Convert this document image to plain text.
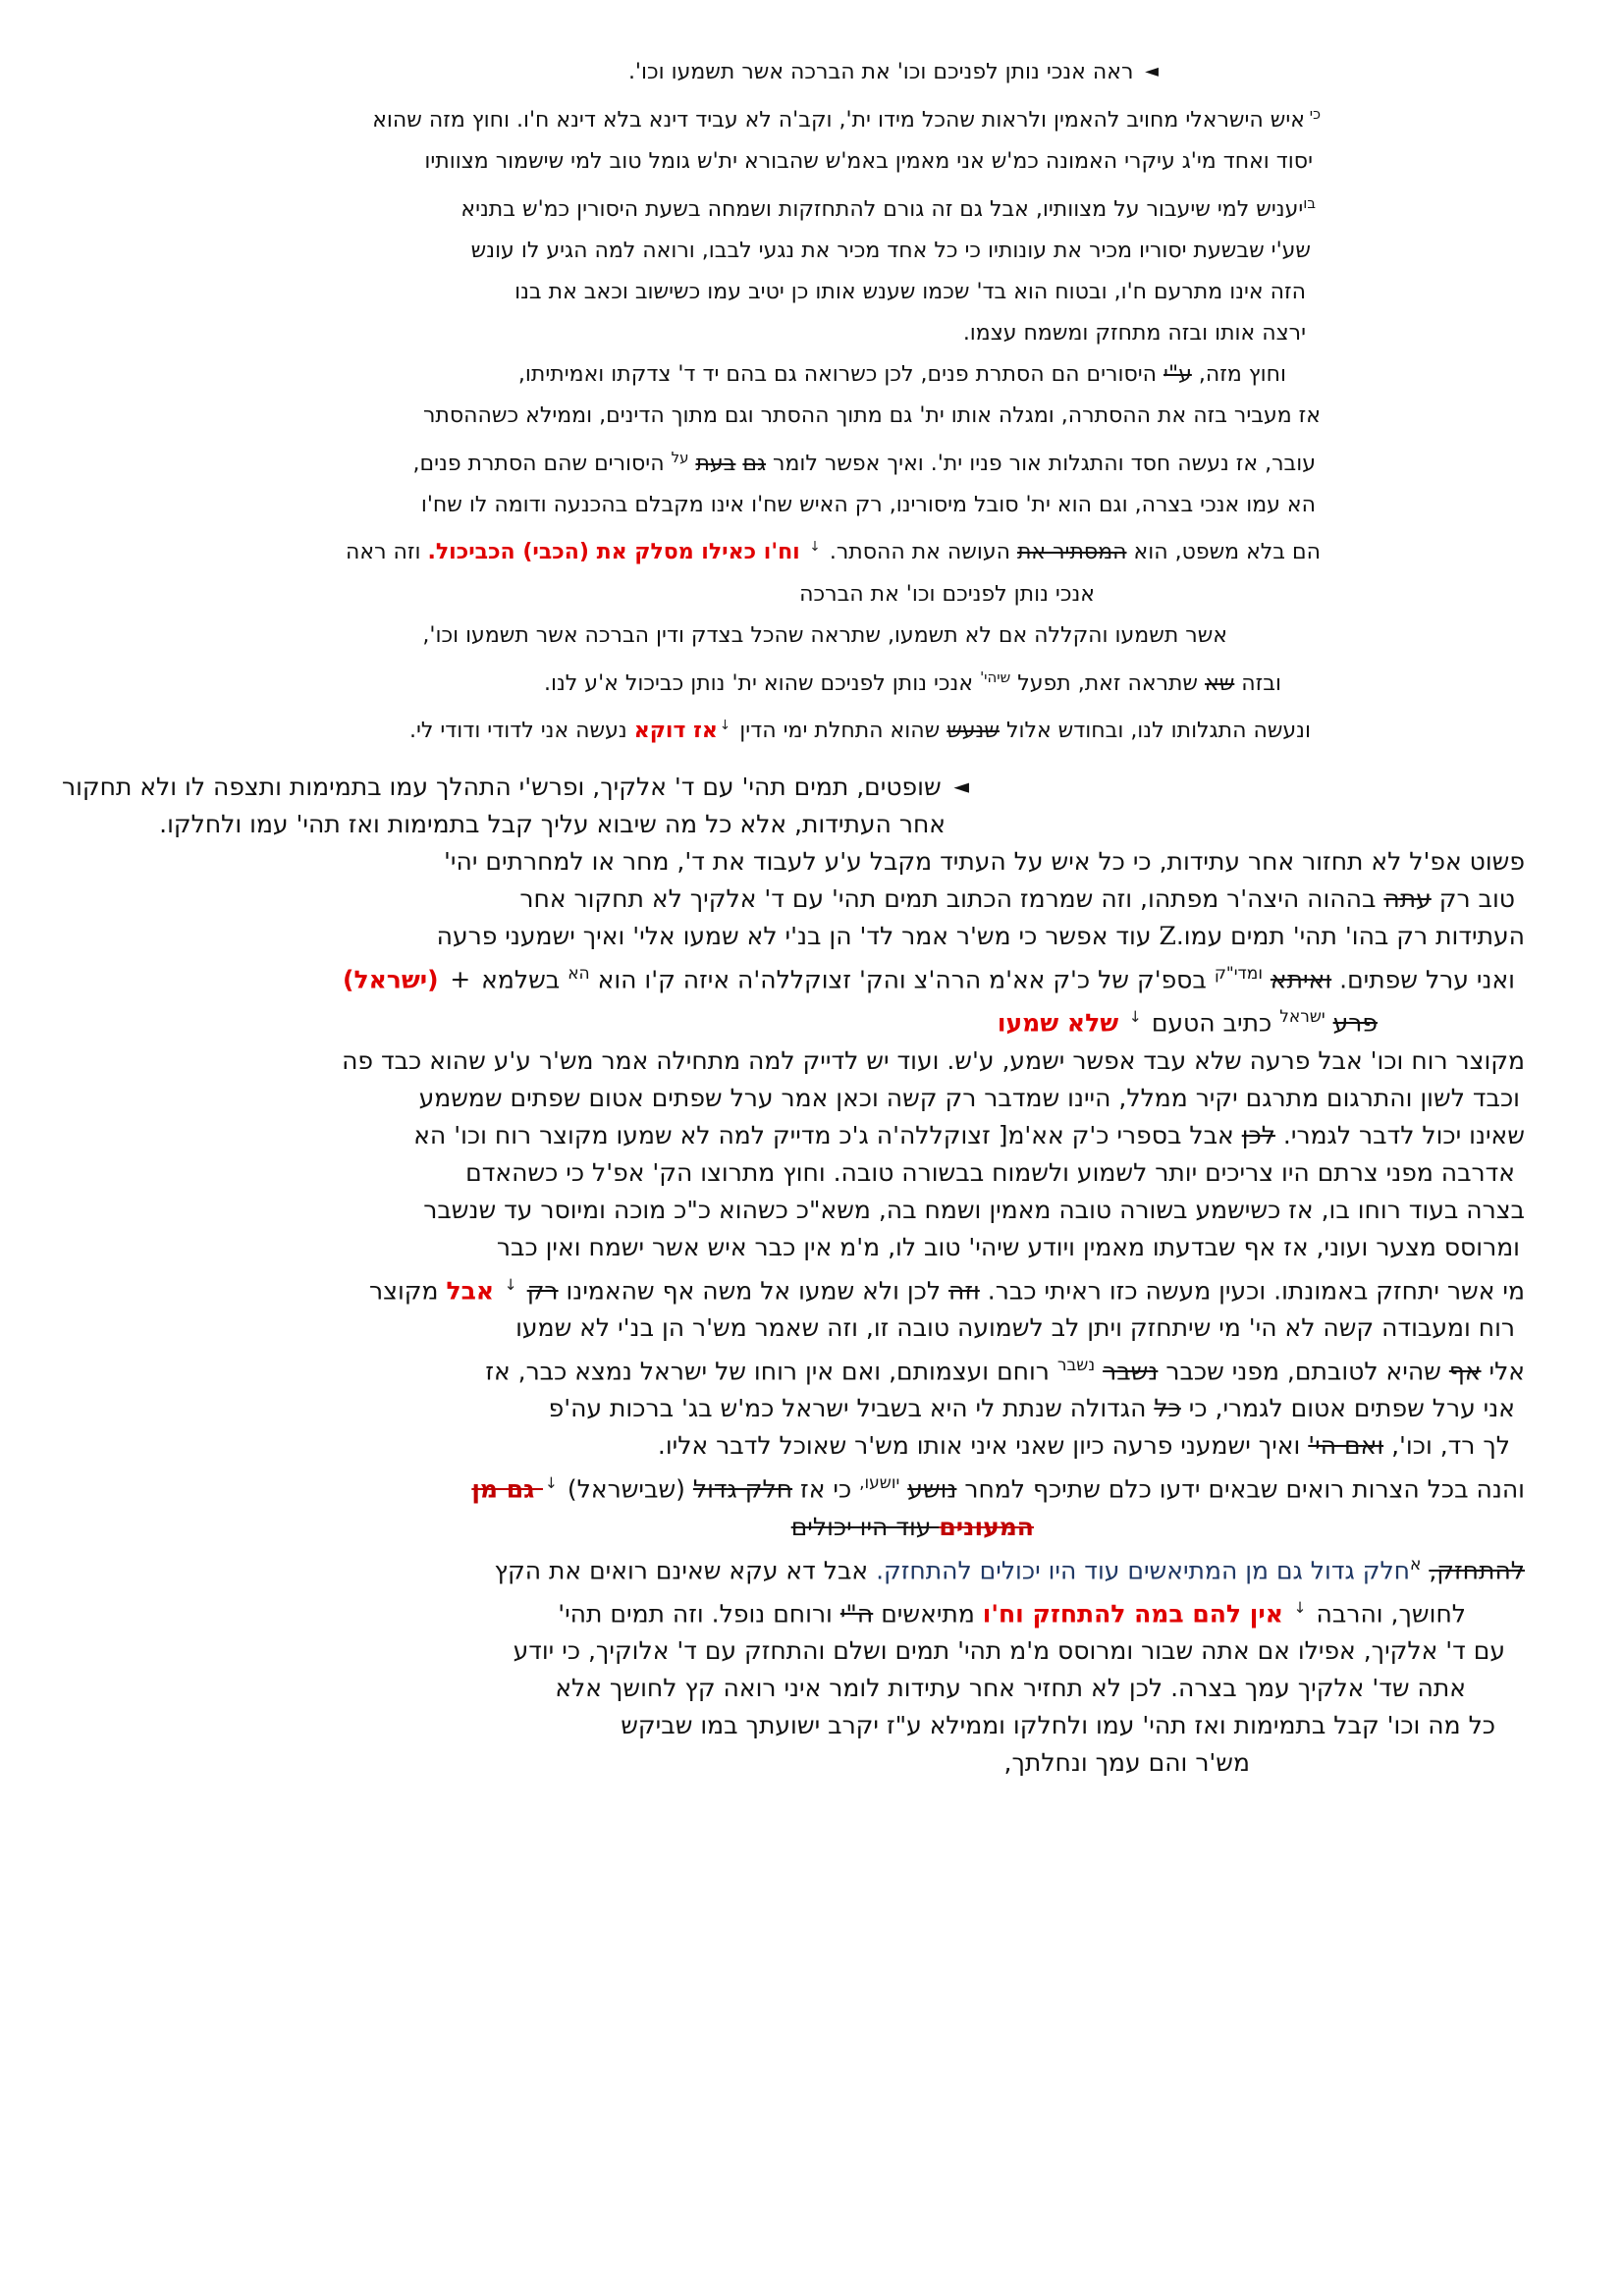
◄ ראה אנכי נותן לפניכם וכו' את הברכה אשר תשמעו וכו'.
$^{כי}$ איש הישראלי מחויב להאמין ולראות שהכל מידו ית', וקב'ה לא עביד דינא בלא דינא ח'ו. וחוץ מזה שהוא
יסוד ואחד מי'ג עיקרי האמונה כמ'ש אני מאמין באמ'ש שהבורא ית'ש גומל טוב למי שישמור מצוותיו
$^{בו}$יעניש למי שיעבור על מצוותיו, אבל גם זה גורם להתחזקות ושמחה בשעת היסורין כמ'ש בתניא
שע'י שבשעת יסוריו מכיר את עונותיו כי כל אחד מכיר את נגעי לבבו, ורואה למה הגיע לו עונש
הזה אינו מתרעם ח'ו, ובטוח הוא בד' שכמו שענש אותו כן יטיב עמו כשישוב וכאב את בנו
ירצה אותו ובזה מתחזק ומשמח עצמו.
וחוץ מזה, ע"י היסורים הם הסתרת פנים, לכן כשרואה גם בהם יד ד' צדקתו ואמיתיתו,
אז מעביר בזה את ההסתרה, ומגלה אותו ית' גם מתוך ההסתר וגם מתוך הדינים, וממילא כשההסתר
עובר, אז נעשה חסד והתגלות אור פניו ית'. ואיך אפשר לומר גם בעת $^{על}$ היסורים שהם הסתרת פנים,
הא עמו אנכי בצרה, וגם הוא ית' סובל מיסורינו, רק האיש שח'ו אינו מקבלם בהכנעה ודומה לו שח'ו
הם בלא משפט, הוא המסתיר את העושה את ההסתר. ↓ וח'ו כאילו מסלק את (הכבי) הכביכול. וזה ראה
אנכי נותן לפניכם וכו' את הברכה
אשר תשמעו והקללה אם לא תשמעו, שתראה שהכל בצדק ודין הברכה אשר תשמעו וכו',
ובזה שא שתראה זאת, תפעל $^{שיהי'}$ אנכי נותן לפניכם שהוא ית' נותן כביכול א'ע לנו.
ונעשה התגלותו לנו, ובחודש אלול שנעש שהוא התחלת ימי הדין ↓אז דוקא נעשה אני לדודי ודודי לי.
◄ שופטים, תמים תהי' עם ד' אלקיך, ופרש'י התהלך עמו בתמימות ותצפה לו ולא תחקור
אחר העתידות, אלא כל מה שיבוא עליך קבל בתמימות ואז תהי' עמו ולחלקו.
פשוט אפ'ל לא תחזור אחר עתידות, כי כל איש על העתיד מקבל ע'ע לעבוד את ד', מחר או למחרתים יהי'
טוב רק עתה בההוה היצה'ר מפתהו, וזה שמרמז הכתוב תמים תהי' עם ד' אלקיך לא תחקור אחר
העתידות רק בהו' תהי' תמים עמו.Z עוד אפשר כי מש'ר אמר לד' הן בנ'י לא שמעו אלי' ואיך ישמעני פרעה
ואני ערל שפתים. ואיתא $^{ומדי"ק}$ בספ'ק של כ'ק אא'מ הרה'צ והק' זצוקללה'ה איזה ק'ו הוא $^{הא}$ בשלמא + (ישראל)
פרע $^{ישראל}$ כתיב הטעם ↓ שלא שמעו
מקוצר רוח וכו' אבל פרעה שלא עבד אפשר ישמע, ע'ש. ועוד יש לדייק למה מתחילה אמר מש'ר ע'ע שהוא כבד פה
וכבד לשון והתרגום מתרגם יקיר ממלל, היינו שמדבר רק קשה וכאן אמר ערל שפתים אטום שפתים שמשמע
שאינו יכול לדבר לגמרי. לכן אבל בספרי כ'ק אא'מ[ זצוקללה'ה ג'כ מדייק למה לא שמעו מקוצר רוח וכו' הא
אדרבה מפני צרתם היו צריכים יותר לשמוע ולשמוח בבשורה טובה. וחוץ מתרוצו הק' אפ'ל כי כשהאדם
בצרה בעוד רוחו בו, אז כשישמע בשורה טובה מאמין ושמח בה, משא"כ כשהוא כ"כ מוכה ומיוסר עד שנשבר
ומרוסס מצער ועוני, אז אף שבדעתו מאמין ויודע שיהי' טוב לו, מ'מ אין כבר איש אשר ישמח ואין כבר
מי אשר יתחזק באמונתו. וכעין מעשה כזו ראיתי כבר. וזה לכן ולא שמעו אל משה אף שהאמינו רק ↓ אבל מקוצר
רוח ומעבודה קשה לא הי' מי שיתחזק ויתן לב לשמועה טובה זו, וזה שאמר מש'ר הן בנ'י לא שמעו
אלי אף שהיא לטובתם, מפני שכבר נשבר $^{נשבר}$ רוחם ועצמותם, ואם אין רוחו של ישראל נמצא כבר, אז
אני ערל שפתים אטום לגמרי, כי כל הגדולה שנתת לי היא בשביל ישראל כמ'ש בג' ברכות עה'פ
לך רד, וכו', ואם הי' ואיך ישמעני פרעה כיון שאני איני אותו מש'ר שאוכל לדבר אליו.
והנה בכל הצרות רואים שבאים ידעו כלם שתיכף למחר נושע $^{יושעו,}$ כי אז חלק גדול (שבישראל) ↓ גם מן
המעונים עוד היו יכולים
להתחזק, $^א$חלק גדול גם מן המתיאשים עוד היו יכולים להתחזק. אבל דא עקא שאינם רואים את הקץ
לחושך, והרבה ↓ אין להם במה להתחזק וח'ו מתיאשים ה"י ורוחם נופל. וזה תמים תהי'
עם ד' אלקיך, אפילו אם אתה שבור ומרוסס מ'מ תהי' תמים ושלם והתחזק עם ד' אלוקיך, כי יודע
אתה שד' אלקיך עמך בצרה. לכן לא תחזיר אחר עתידות לומר איני רואה קץ לחושך אלא
כל מה וכו' קבל בתמימות ואז תהי' עמו ולחלקו וממילא ע"ז יקרב ישועתך במו שביקש
מש'ר והם עמך ונחלתך,
